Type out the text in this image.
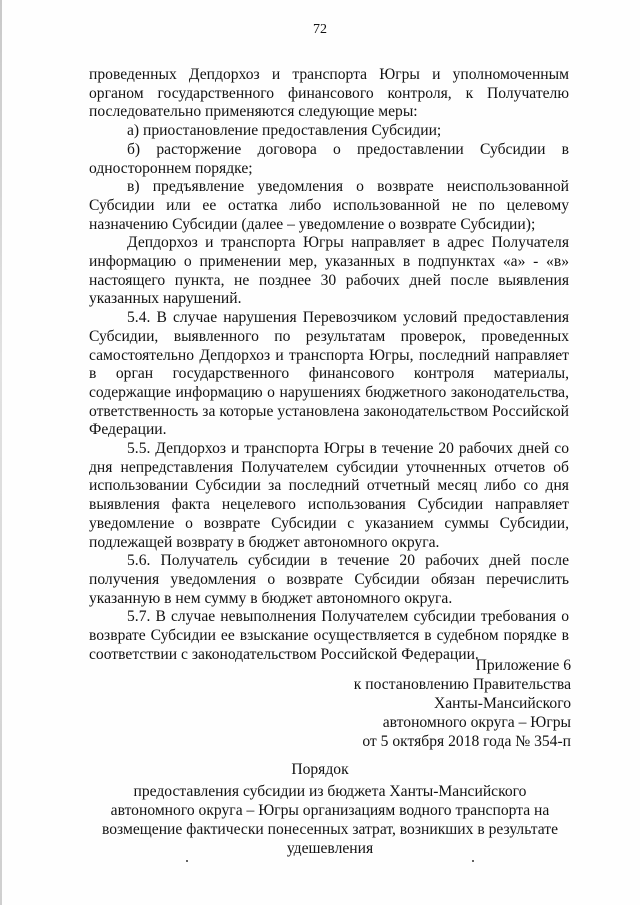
72

проведенных Депдорхоз и транспорта Югры и уполномоченным органом государственного финансового контроля, к Получателю последовательно применяются следующие меры:

а) приостановление предоставления Субсидии;

б) расторжение договора о предоставлении Субсидии в одностороннем порядке;

в) предъявление уведомления о возврате неиспользованной Субсидии или ее остатка либо использованной не по целевому назначению Субсидии (далее – уведомление о возврате Субсидии);

Депдорхоз и транспорта Югры направляет в адрес Получателя информацию о применении мер, указанных в подпунктах «а» - «в» настоящего пункта, не позднее 30 рабочих дней после выявления указанных нарушений.

5.4. В случае нарушения Перевозчиком условий предоставления Субсидии, выявленного по результатам проверок, проведенных самостоятельно Депдорхоз и транспорта Югры, последний направляет в орган государственного финансового контроля материалы, содержащие информацию о нарушениях бюджетного законодательства, ответственность за которые установлена законодательством Российской Федерации.

5.5. Депдорхоз и транспорта Югры в течение 20 рабочих дней со дня непредставления Получателем субсидии уточненных отчетов об использовании Субсидии за последний отчетный месяц либо со дня выявления факта нецелевого использования Субсидии направляет уведомление о возврате Субсидии с указанием суммы Субсидии, подлежащей возврату в бюджет автономного округа.

5.6. Получатель субсидии в течение 20 рабочих дней после получения уведомления о возврате Субсидии обязан перечислить указанную в нем сумму в бюджет автономного округа.

5.7. В случае невыполнения Получателем субсидии требования о возврате Субсидии ее взыскание осуществляется в судебном порядке в соответствии с законодательством Российской Федерации.

Приложение 6
к постановлению Правительства
Ханты-Мансийского
автономного округа – Югры
от 5 октября 2018 года № 354-п
Порядок
предоставления субсидии из бюджета Ханты-Мансийского автономного округа – Югры организациям водного транспорта на возмещение фактически понесенных затрат, возникших в результате удешевления
